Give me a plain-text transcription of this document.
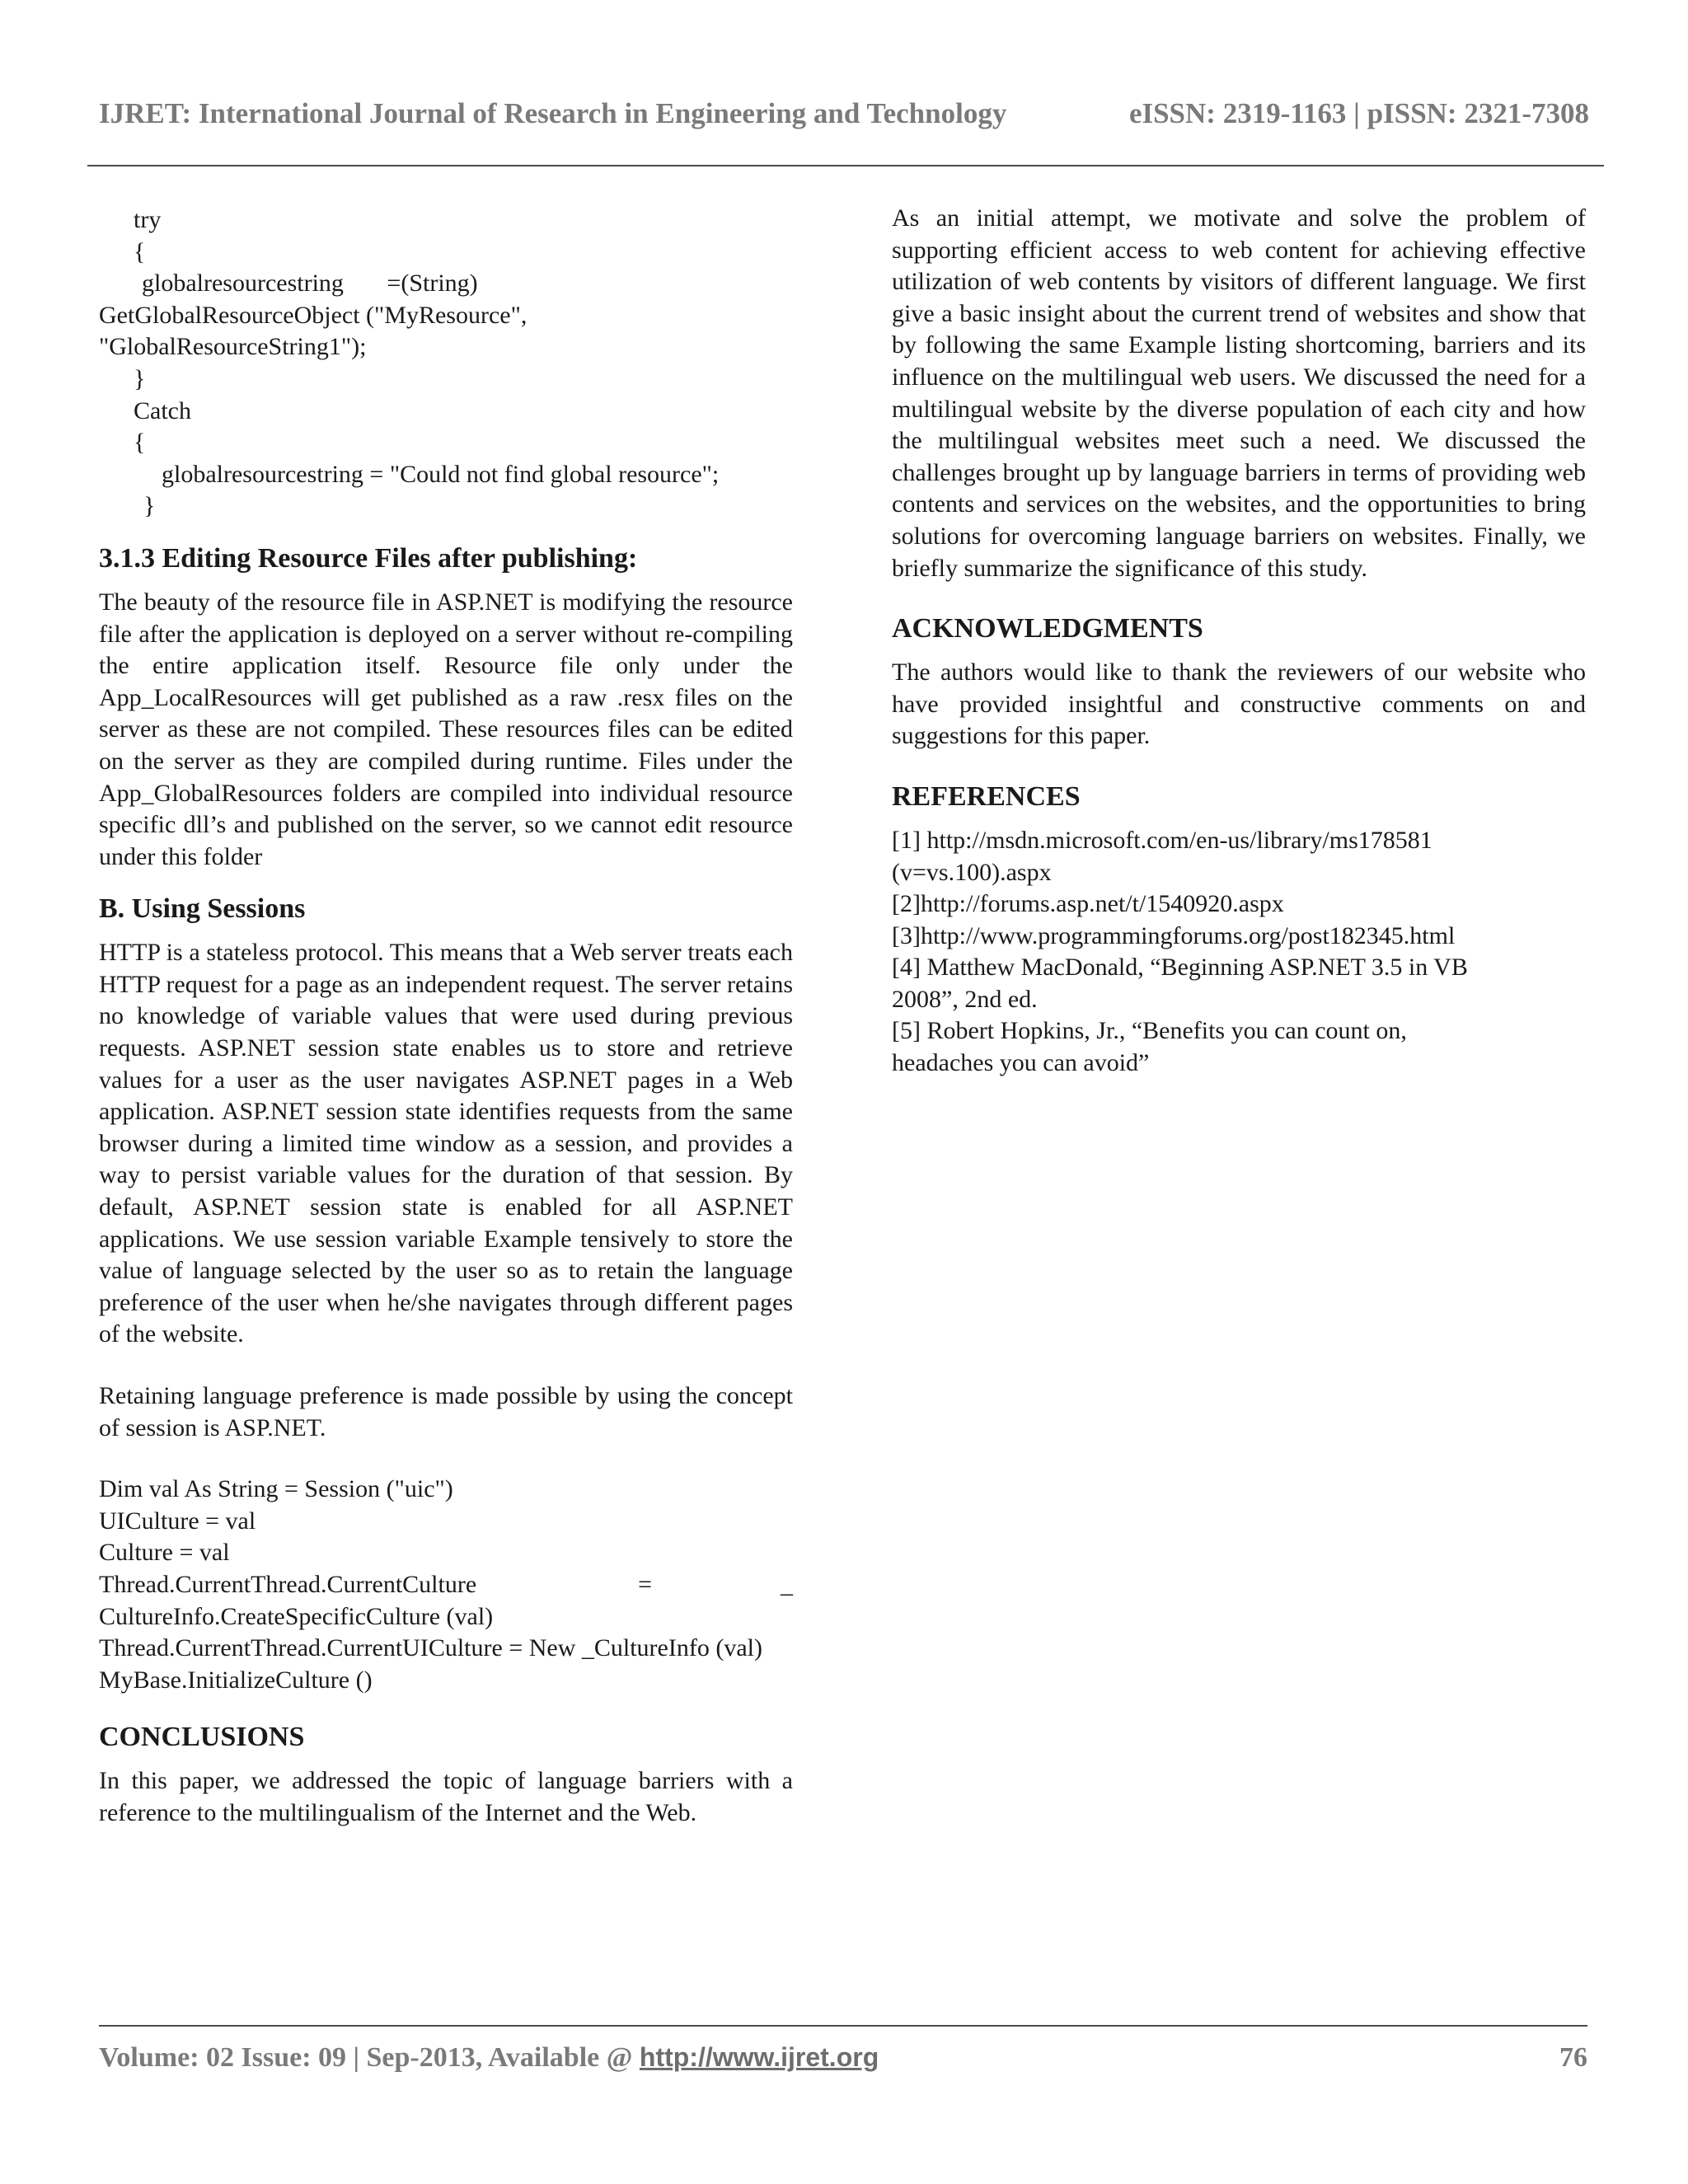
IJRET: International Journal of Research in Engineering and Technology	eISSN: 2319-1163 | pISSN: 2321-7308
try
{
globalresourcestring       =(String)
GetGlobalResourceObject ("MyResource",
"GlobalResourceString1");
}
Catch
{
globalresourcestring = "Could not find global resource";
}
3.1.3 Editing Resource Files after publishing:

The beauty of the resource file in ASP.NET is modifying the resource file after the application is deployed on a server without re-compiling the entire application itself. Resource file only under the App_LocalResources will get published as a raw .resx files on the server as these are not compiled. These resources files can be edited on the server as they are compiled during runtime. Files under the App_GlobalResources folders are compiled into individual resource specific dll’s and published on the server, so we cannot edit resource under this folder

B. Using Sessions

HTTP is a stateless protocol. This means that a Web server treats each HTTP request for a page as an independent request. The server retains no knowledge of variable values that were used during previous requests. ASP.NET session state enables us to store and retrieve values for a user as the user navigates ASP.NET pages in a Web application. ASP.NET session state identifies requests from the same browser during a limited time window as a session, and provides a way to persist variable values for the duration of that session. By default, ASP.NET session state is enabled for all ASP.NET applications. We use session variable Example tensively to store the value of language selected by the user so as to retain the language preference of the user when he/she navigates through different pages of the website.

Retaining language preference is made possible by using the concept of session is ASP.NET.

Dim val As String = Session ("uic")
UICulture = val
Culture = val
Thread.CurrentThread.CurrentCulture	=	_
CultureInfo.CreateSpecificCulture (val)

Thread.CurrentThread.CurrentUICulture = New _CultureInfo (val)

MyBase.InitializeCulture ()
CONCLUSIONS

In this paper, we addressed the topic of language barriers with a reference to the multilingualism of the Internet and the Web.

As an initial attempt, we motivate and solve the problem of supporting efficient access to web content for achieving effective utilization of web contents by visitors of different language. We first give a basic insight about the current trend of websites and show that by following the same Example listing shortcoming, barriers and its influence on the multilingual web users. We discussed the need for a multilingual website by the diverse population of each city and how the multilingual websites meet such a need. We discussed the challenges brought up by language barriers in terms of providing web contents and services on the websites, and the opportunities to bring solutions for overcoming language barriers on websites. Finally, we briefly summarize the significance of this study.

ACKNOWLEDGMENTS

The authors would like to thank the reviewers of our website who have provided insightful and constructive comments on and suggestions for this paper.

REFERENCES
[1] http://msdn.microsoft.com/en-us/library/ms178581
(v=vs.100).aspx
[2]http://forums.asp.net/t/1540920.aspx
[3]http://www.programmingforums.org/post182345.html
[4] Matthew MacDonald, “Beginning ASP.NET 3.5 in VB
2008”, 2nd ed.
[5] Robert Hopkins, Jr., “Benefits you can count on,
headaches you can avoid”
Volume: 02 Issue: 09 | Sep-2013, Available @ http://www.ijret.org	76
